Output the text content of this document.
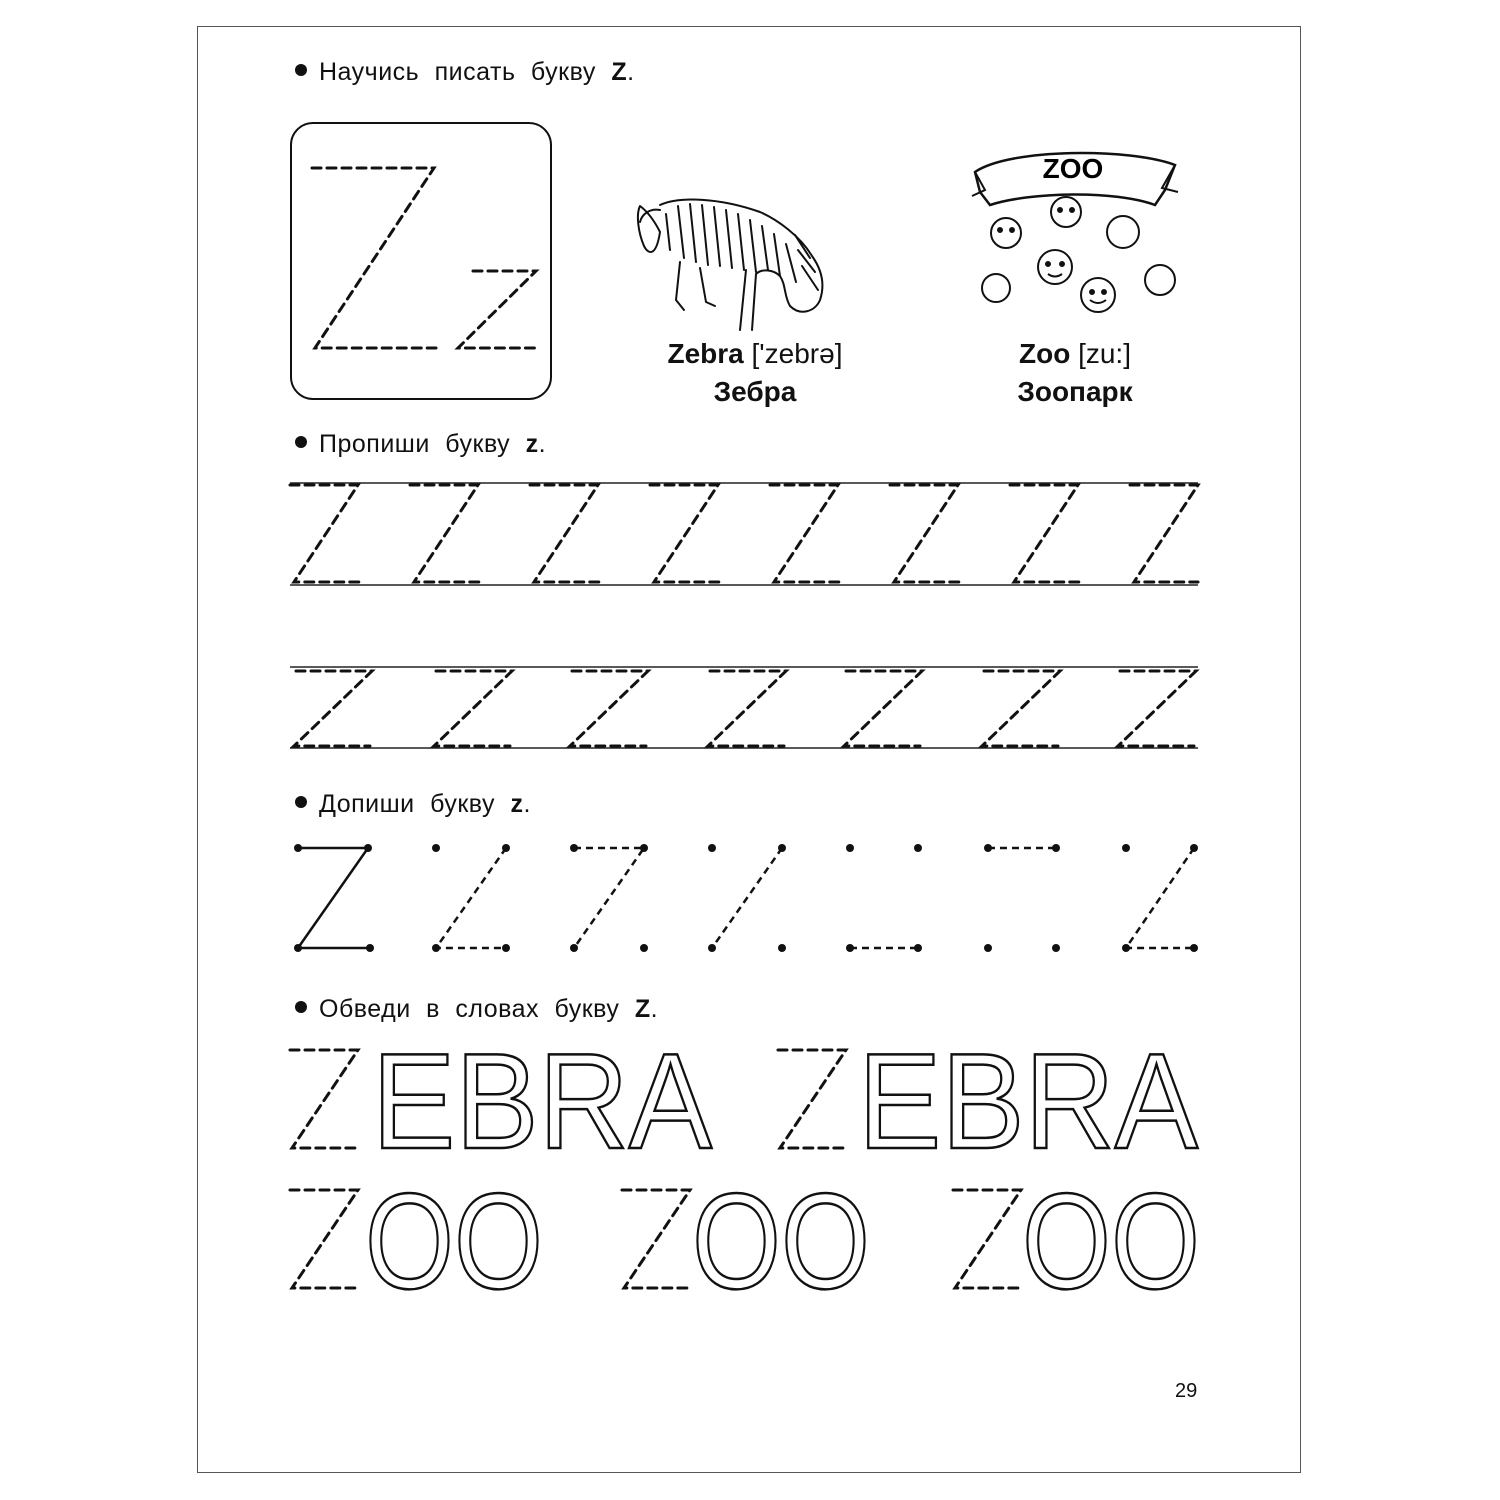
Научись писать букву Z.
Пропиши букву z.
Допиши букву z.
Обведи в словах букву Z.
Zebra ['zebrə]
Зебра
Zoo [zu:]
Зоопарк
29
ZOO
EBRA EBRA
OO OO OO
